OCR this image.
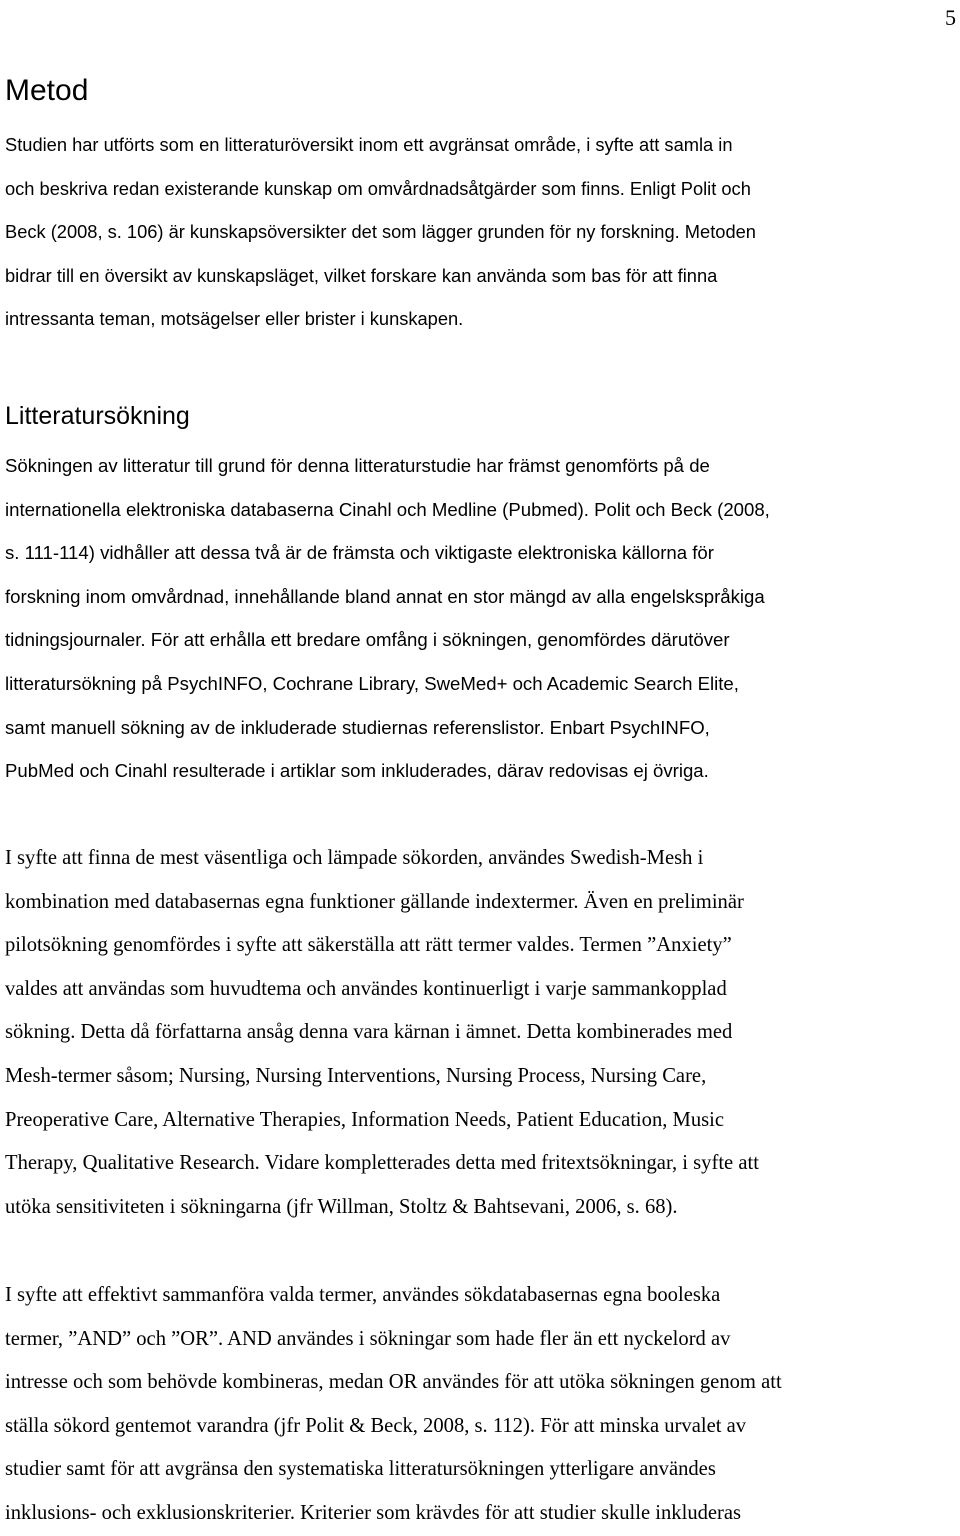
5
Metod

Studien har utförts som en litteraturöversikt inom ett avgränsat område, i syfte att samla in
och beskriva redan existerande kunskap om omvårdnadsåtgärder som finns. Enligt Polit och
Beck (2008, s. 106) är kunskapsöversikter det som lägger grunden för ny forskning. Metoden
bidrar till en översikt av kunskapsläget, vilket forskare kan använda som bas för att finna
intressanta teman, motsägelser eller brister i kunskapen.

Litteratursökning

Sökningen av litteratur till grund för denna litteraturstudie har främst genomförts på de
internationella elektroniska databaserna Cinahl och Medline (Pubmed). Polit och Beck (2008,
s. 111-114) vidhåller att dessa två är de främsta och viktigaste elektroniska källorna för
forskning inom omvårdnad, innehållande bland annat en stor mängd av alla engelskspråkiga
tidningsjournaler. För att erhålla ett bredare omfång i sökningen, genomfördes därutöver
litteratursökning på PsychINFO, Cochrane Library, SweMed+ och Academic Search Elite,
samt manuell sökning av de inkluderade studiernas referenslistor. Enbart PsychINFO,
PubMed och Cinahl resulterade i artiklar som inkluderades, därav redovisas ej övriga.

I syfte att finna de mest väsentliga och lämpade sökorden, användes Swedish-Mesh i
kombination med databasernas egna funktioner gällande indextermer. Även en preliminär
pilotsökning genomfördes i syfte att säkerställa att rätt termer valdes. Termen ”Anxiety”
valdes att användas som huvudtema och användes kontinuerligt i varje sammankopplad
sökning. Detta då författarna ansåg denna vara kärnan i ämnet. Detta kombinerades med
Mesh-termer såsom; Nursing, Nursing Interventions, Nursing Process, Nursing Care,
Preoperative Care, Alternative Therapies, Information Needs, Patient Education, Music
Therapy, Qualitative Research. Vidare kompletterades detta med fritextsökningar, i syfte att
utöka sensitiviteten i sökningarna (jfr Willman, Stoltz & Bahtsevani, 2006, s. 68).

I syfte att effektivt sammanföra valda termer, användes sökdatabasernas egna booleska
termer, ”AND” och ”OR”. AND användes i sökningar som hade fler än ett nyckelord av
intresse och som behövde kombineras, medan OR användes för att utöka sökningen genom att
ställa sökord gentemot varandra (jfr Polit & Beck, 2008, s. 112). För att minska urvalet av
studier samt för att avgränsa den systematiska litteratursökningen ytterligare användes
inklusions- och exklusionskriterier. Kriterier som krävdes för att studier skulle inkluderas
